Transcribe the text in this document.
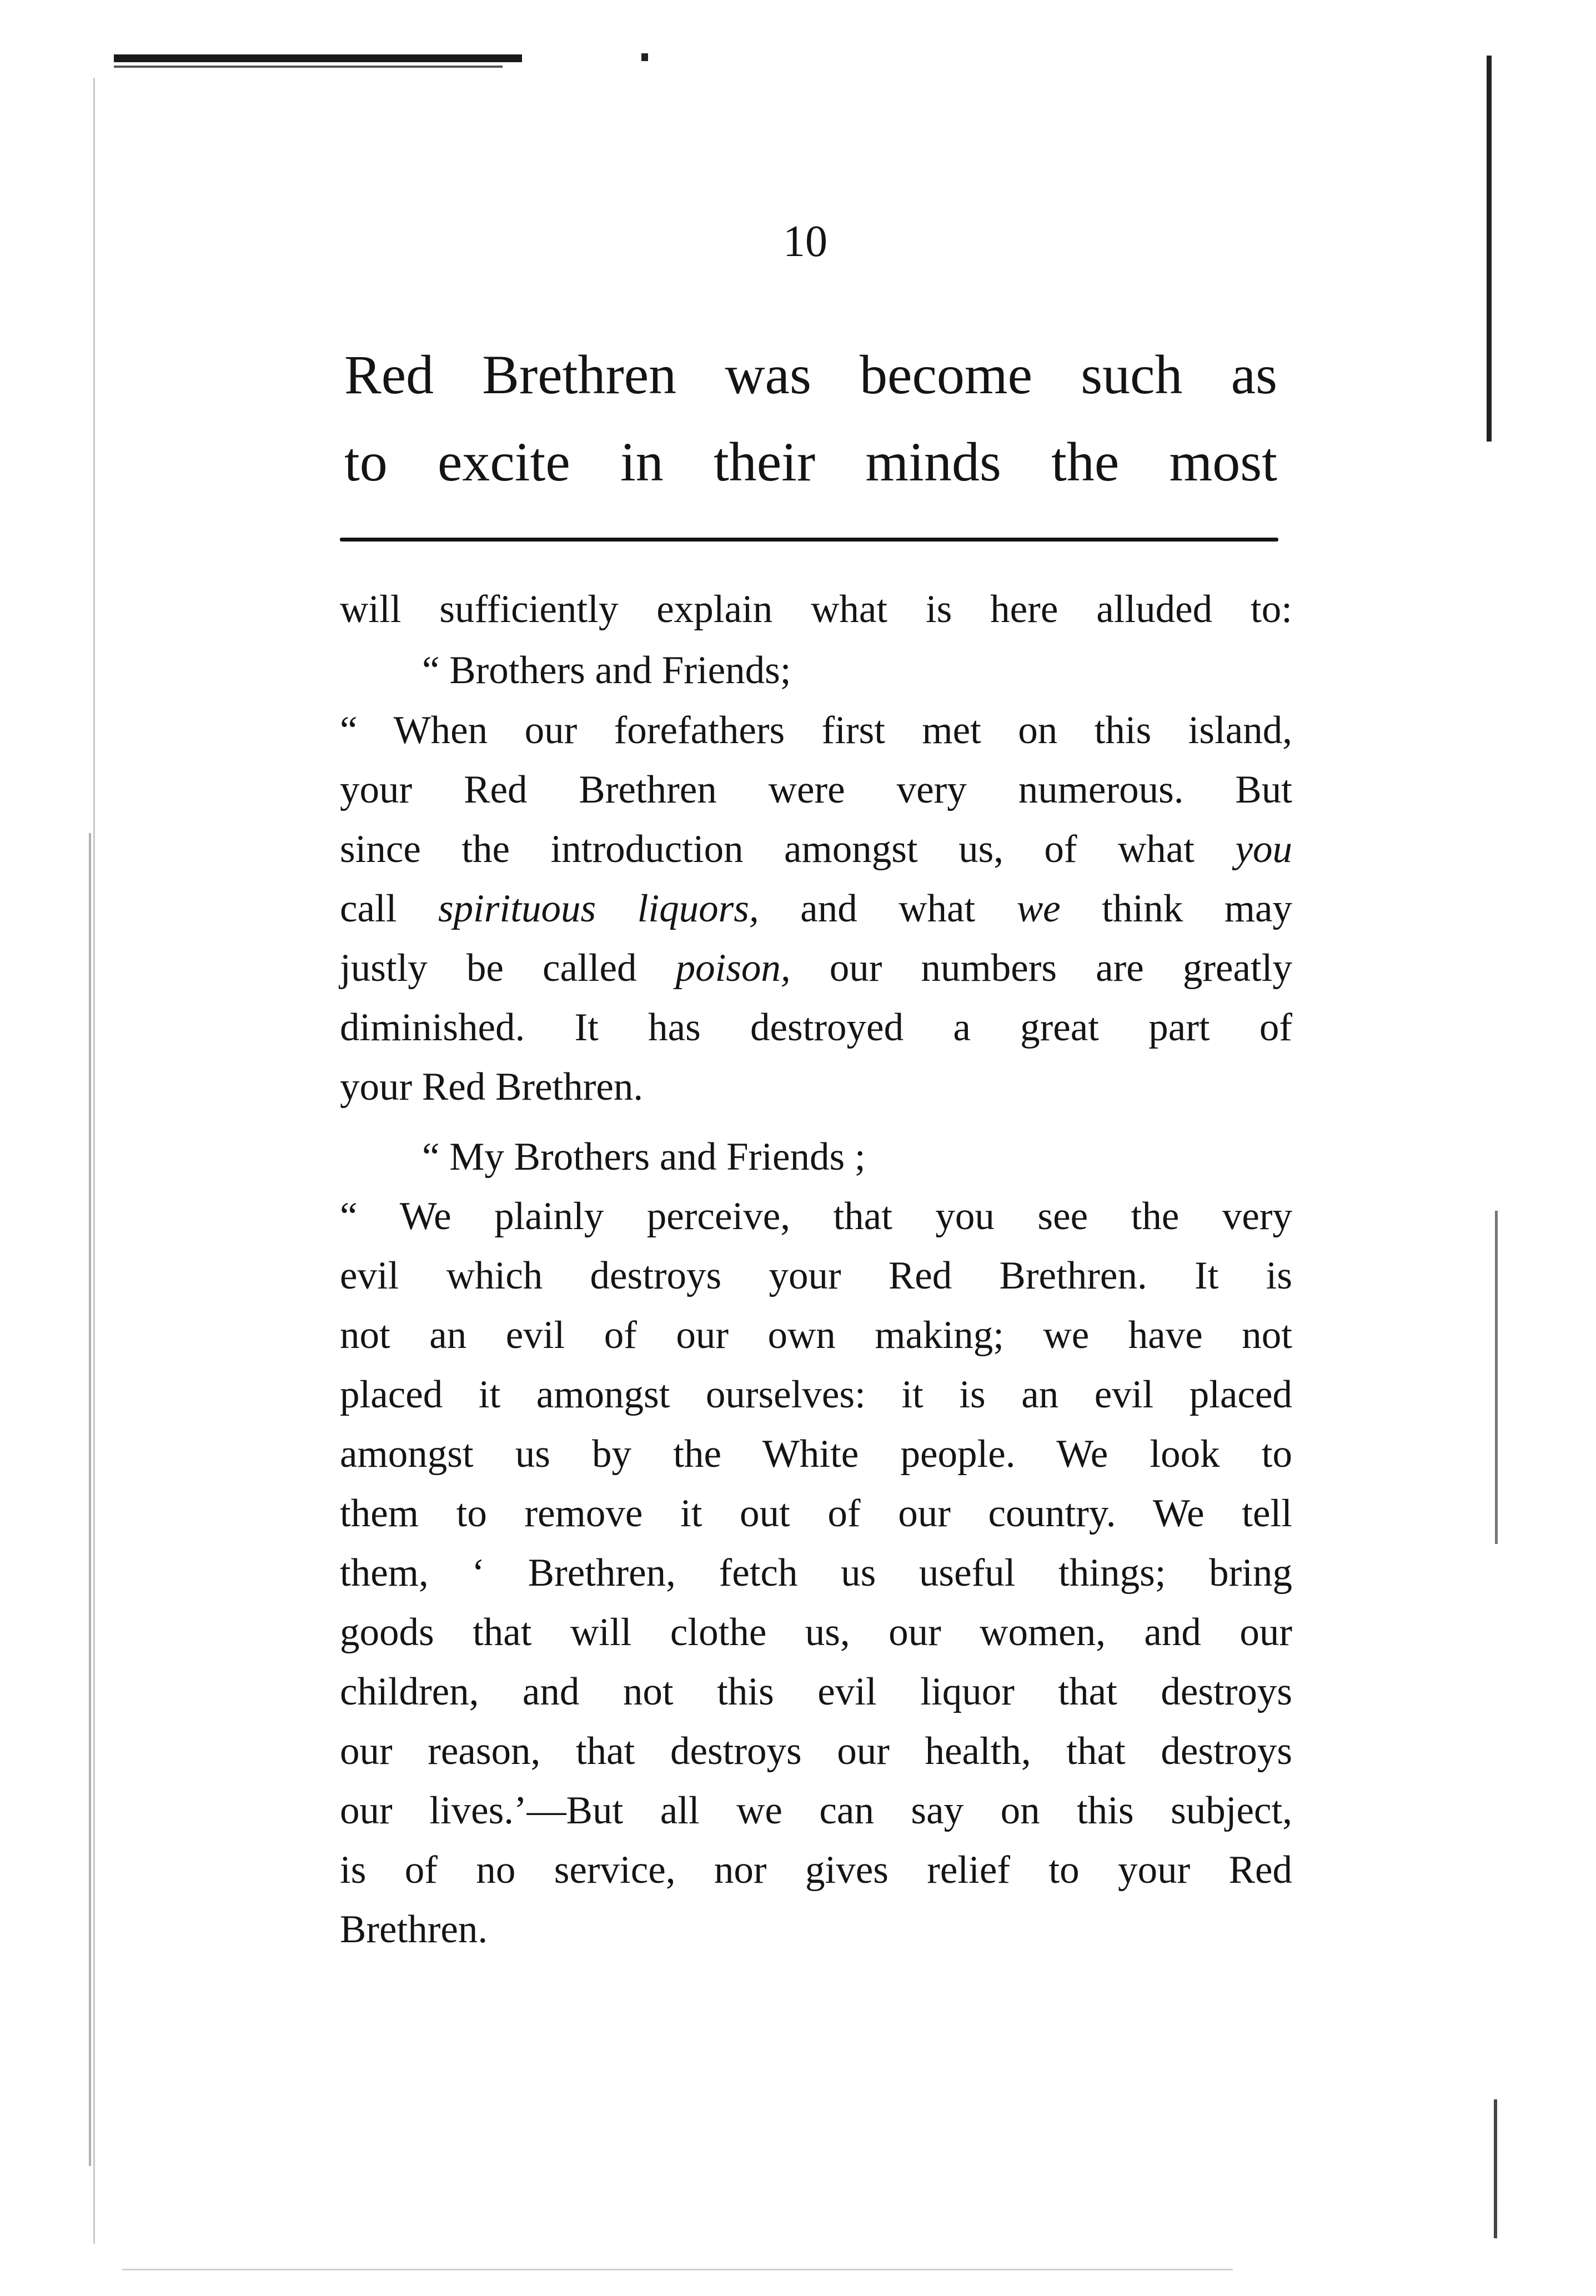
10
Red Brethren was become such as
to excite in their minds the most
will sufficiently explain what is here alluded to:
“ Brothers and Friends;
“ When our forefathers first met on this island,
your Red Brethren were very numerous. But
since the introduction amongst us, of what you
call spirituous liquors, and what we think may
justly be called poison, our numbers are greatly
diminished. It has destroyed a great part of
your Red Brethren.
“ My Brothers and Friends ;
“ We plainly perceive, that you see the very
evil which destroys your Red Brethren. It is
not an evil of our own making; we have not
placed it amongst ourselves: it is an evil placed
amongst us by the White people. We look to
them to remove it out of our country. We tell
them, ‘ Brethren, fetch us useful things; bring
goods that will clothe us, our women, and our
children, and not this evil liquor that destroys
our reason, that destroys our health, that destroys
our lives.’—But all we can say on this subject,
is of no service, nor gives relief to your Red
Brethren.
